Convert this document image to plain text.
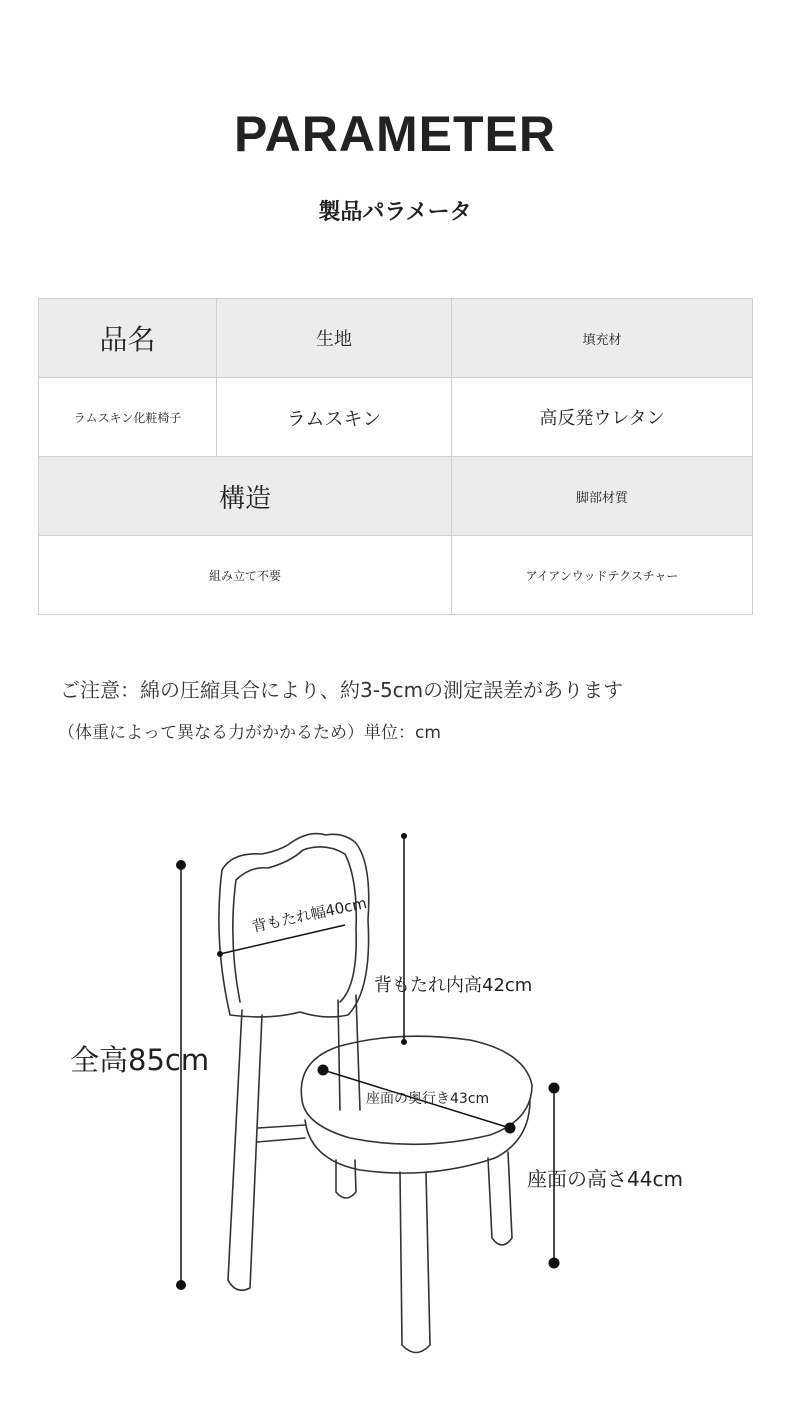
PARAMETER
製品パラメータ
品名	生地	填充材
ラムスキン化粧椅子	ラムスキン	高反発ウレタン
構造		脚部材質
組み立て不要		アイアンウッドテクスチャー
ご注意：綿の圧縮具合により、約3-5cmの測定誤差があります
（体重によって異なる力がかかるため）単位：cm
全高85cm
背もたれ幅40cm
背もたれ内高42cm
座面の奥行き43cm
座面の高さ44cm
